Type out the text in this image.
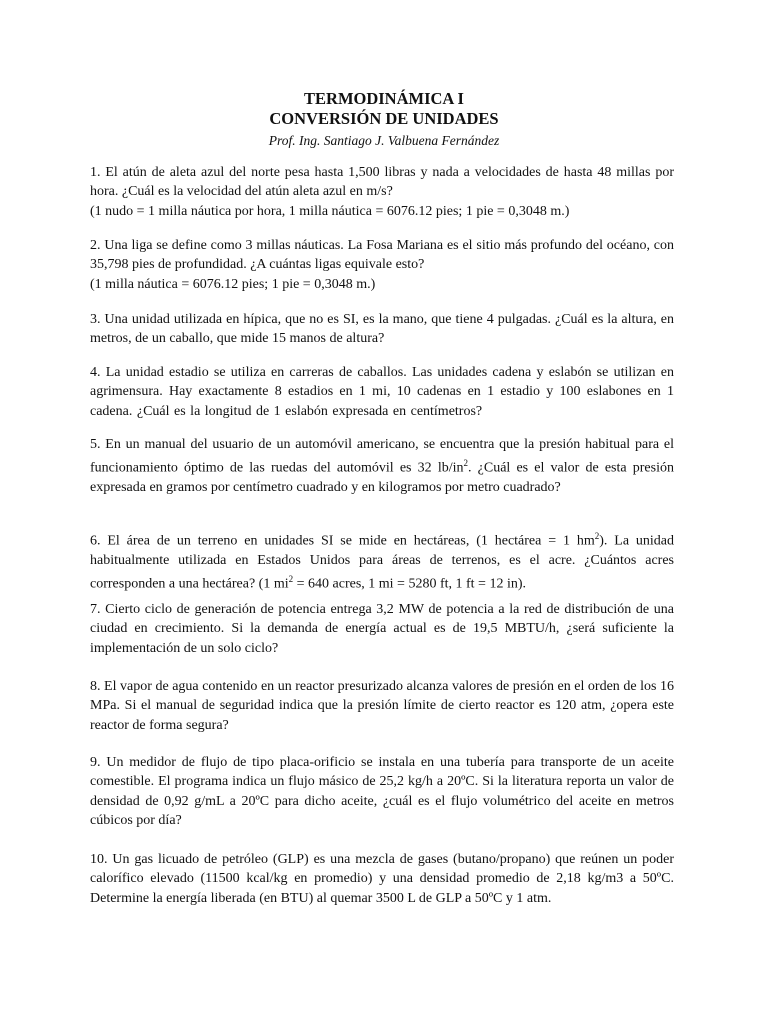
TERMODINÁMICA I
CONVERSIÓN DE UNIDADES
Prof. Ing. Santiago J. Valbuena Fernández
1. El atún de aleta azul del norte pesa hasta 1,500 libras y nada a velocidades de hasta 48 millas por hora. ¿Cuál es la velocidad del atún aleta azul en m/s?
(1 nudo = 1 milla náutica por hora, 1 milla náutica = 6076.12 pies; 1 pie = 0,3048 m.)
2. Una liga se define como 3 millas náuticas. La Fosa Mariana es el sitio más profundo del océano, con 35,798 pies de profundidad. ¿A cuántas ligas equivale esto?
(1 milla náutica = 6076.12 pies; 1 pie = 0,3048 m.)
3. Una unidad utilizada en hípica, que no es SI, es la mano, que tiene 4 pulgadas. ¿Cuál es la altura, en metros, de un caballo, que mide 15 manos de altura?
4. La unidad estadio se utiliza en carreras de caballos. Las unidades cadena y eslabón se utilizan en agrimensura. Hay exactamente 8 estadios en 1 mi, 10 cadenas en 1 estadio y 100 eslabones en 1 cadena. ¿Cuál es la longitud de 1 eslabón expresada en centímetros?
5. En un manual del usuario de un automóvil americano, se encuentra que la presión habitual para el funcionamiento óptimo de las ruedas del automóvil es 32 $lb/in^2$. ¿Cuál es el valor de esta presión expresada en gramos por centímetro cuadrado y en kilogramos por metro cuadrado?
6. El área de un terreno en unidades SI se mide en hectáreas, (1 hectárea = 1 $hm^2$). La unidad habitualmente utilizada en Estados Unidos para áreas de terrenos, es el acre. ¿Cuántos acres corresponden a una hectárea? (1 $mi^2 = 640$ acres, 1 mi = 5280 ft, 1 ft = 12 in).
7. Cierto ciclo de generación de potencia entrega 3,2 MW de potencia a la red de distribución de una ciudad en crecimiento. Si la demanda de energía actual es de 19,5 MBTU/h, ¿será suficiente la implementación de un solo ciclo?
8. El vapor de agua contenido en un reactor presurizado alcanza valores de presión en el orden de los 16 MPa. Si el manual de seguridad indica que la presión límite de cierto reactor es 120 atm, ¿opera este reactor de forma segura?
9. Un medidor de flujo de tipo placa-orificio se instala en una tubería para transporte de un aceite comestible. El programa indica un flujo másico de 25,2 kg/h a 20ºC. Si la literatura reporta un valor de densidad de 0,92 g/mL a 20ºC para dicho aceite, ¿cuál es el flujo volumétrico del aceite en metros cúbicos por día?
10. Un gas licuado de petróleo (GLP) es una mezcla de gases (butano/propano) que reúnen un poder calorífico elevado (11500 kcal/kg en promedio) y una densidad promedio de 2,18 kg/m3 a 50ºC. Determine la energía liberada (en BTU) al quemar 3500 L de GLP a 50ºC y 1 atm.
